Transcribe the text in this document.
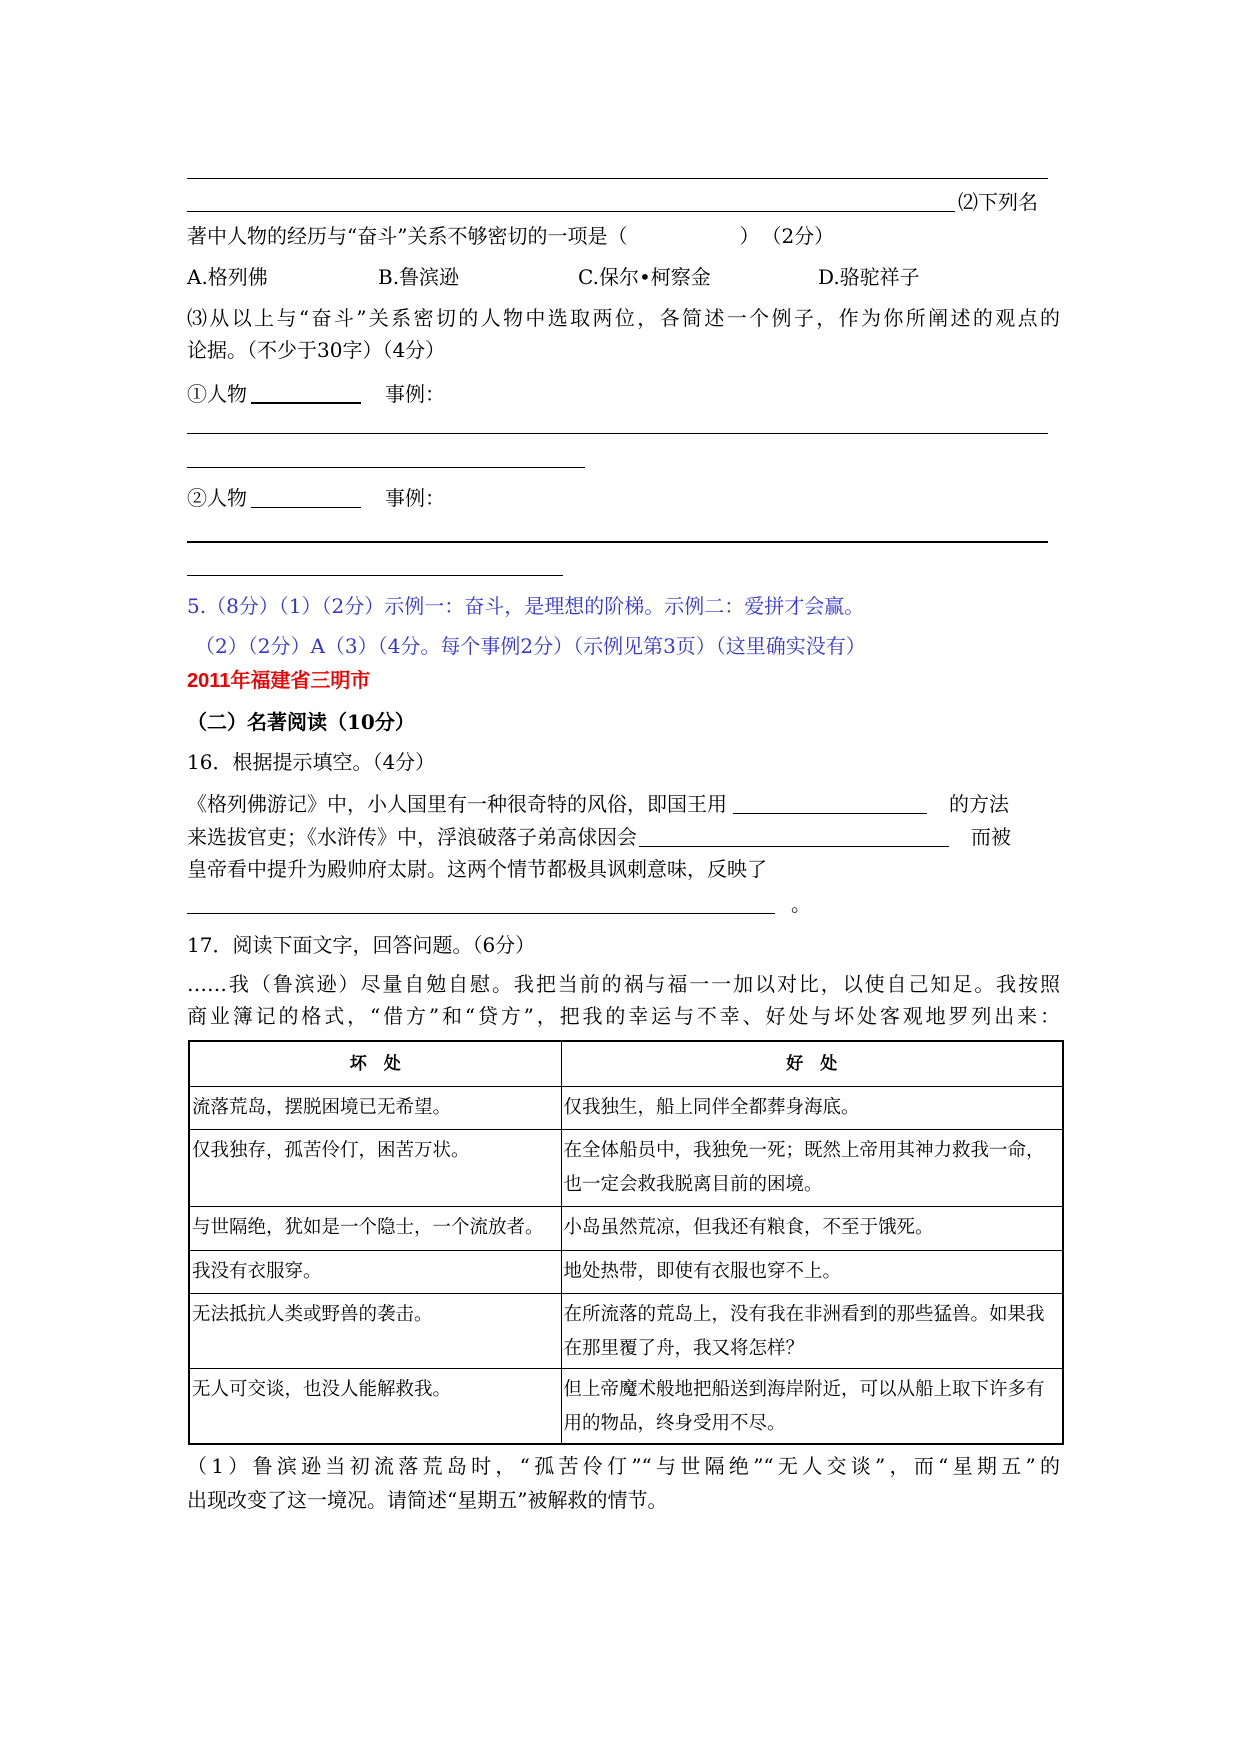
⑵下列名
著中人物的经历与“奋斗”关系不够密切的一项是（	） （2分）
A.格列佛	B.鲁滨逊	C.保尔•柯察金	D.骆驼祥子
⑶从以上与“奋斗”关系密切的人物中选取两位，各简述一个例子，作为你所阐述的观点的
论据。（不少于30字）（4分）
①人物	事例：
②人物	事例：
5.（8分）（1）（2分）示例一：奋斗，是理想的阶梯。示例二：爱拼才会赢。
（2）（2分）A（3）（4分。每个事例2分）（示例见第3页）（这里确实没有）
2011年福建省三明市
（二）名著阅读（10分）
16．根据提示填空。（4分）
《格列佛游记》中，小人国里有一种很奇特的风俗，即国王用	的方法
来选拔官吏；《水浒传》中，浮浪破落子弟高俅因会	而被
皇帝看中提升为殿帅府太尉。这两个情节都极具讽刺意味，反映了
。
17．阅读下面文字，回答问题。（6分）
……我（鲁滨逊）尽量自勉自慰。我把当前的祸与福一一加以对比，以使自己知足。我按照
商业簿记的格式，“借方”和“贷方”，把我的幸运与不幸、好处与坏处客观地罗列出来：
坏　处	好　处
流落荒岛，摆脱困境已无希望。	仅我独生，船上同伴全都葬身海底。
仅我独存，孤苦伶仃，困苦万状。	在全体船员中，我独免一死；既然上帝用其神力救我一命，也一定会救我脱离目前的困境。
与世隔绝，犹如是一个隐士，一个流放者。	小岛虽然荒凉，但我还有粮食，不至于饿死。
我没有衣服穿。	地处热带，即使有衣服也穿不上。
无法抵抗人类或野兽的袭击。	在所流落的荒岛上，没有我在非洲看到的那些猛兽。如果我在那里覆了舟，我又将怎样？
无人可交谈，也没人能解救我。	但上帝魔术般地把船送到海岸附近，可以从船上取下许多有用的物品，终身受用不尽。
（1）鲁滨逊当初流落荒岛时，“孤苦伶仃”“与世隔绝”“无人交谈”，而“星期五”的
出现改变了这一境况。请简述“星期五”被解救的情节。
